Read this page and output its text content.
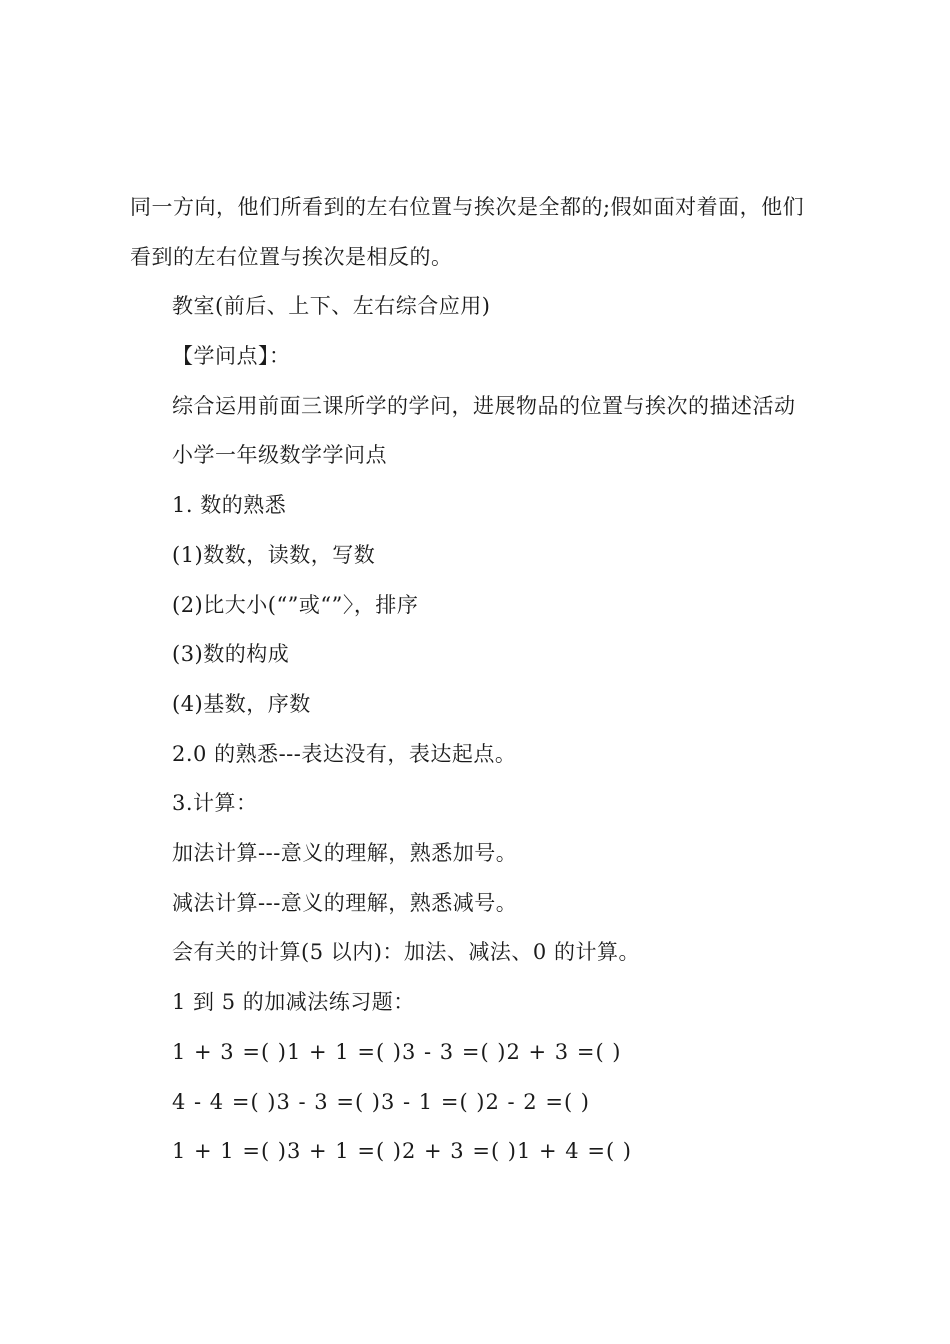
同一方向，他们所看到的左右位置与挨次是全都的;假如面对着面，他们
看到的左右位置与挨次是相反的。
教室(前后、上下、左右综合应用)
【学问点】：
综合运用前面三课所学的学问，进展物品的位置与挨次的描述活动
小学一年级数学学问点
1. 数的熟悉
(1)数数，读数，写数
(2)比大小(“”或“”〉，排序
(3)数的构成
(4)基数，序数
2.0 的熟悉---表达没有，表达起点。
3.计算：
加法计算---意义的理解，熟悉加号。
减法计算---意义的理解，熟悉减号。
会有关的计算(5 以内)：加法、减法、0 的计算。
1 到 5 的加减法练习题：
1 + 3 =( )1 + 1 =( )3 - 3 =( )2 + 3 =( )
4 - 4 =( )3 - 3 =( )3 - 1 =( )2 - 2 =( )
1 + 1 =( )3 + 1 =( )2 + 3 =( )1 + 4 =( )
